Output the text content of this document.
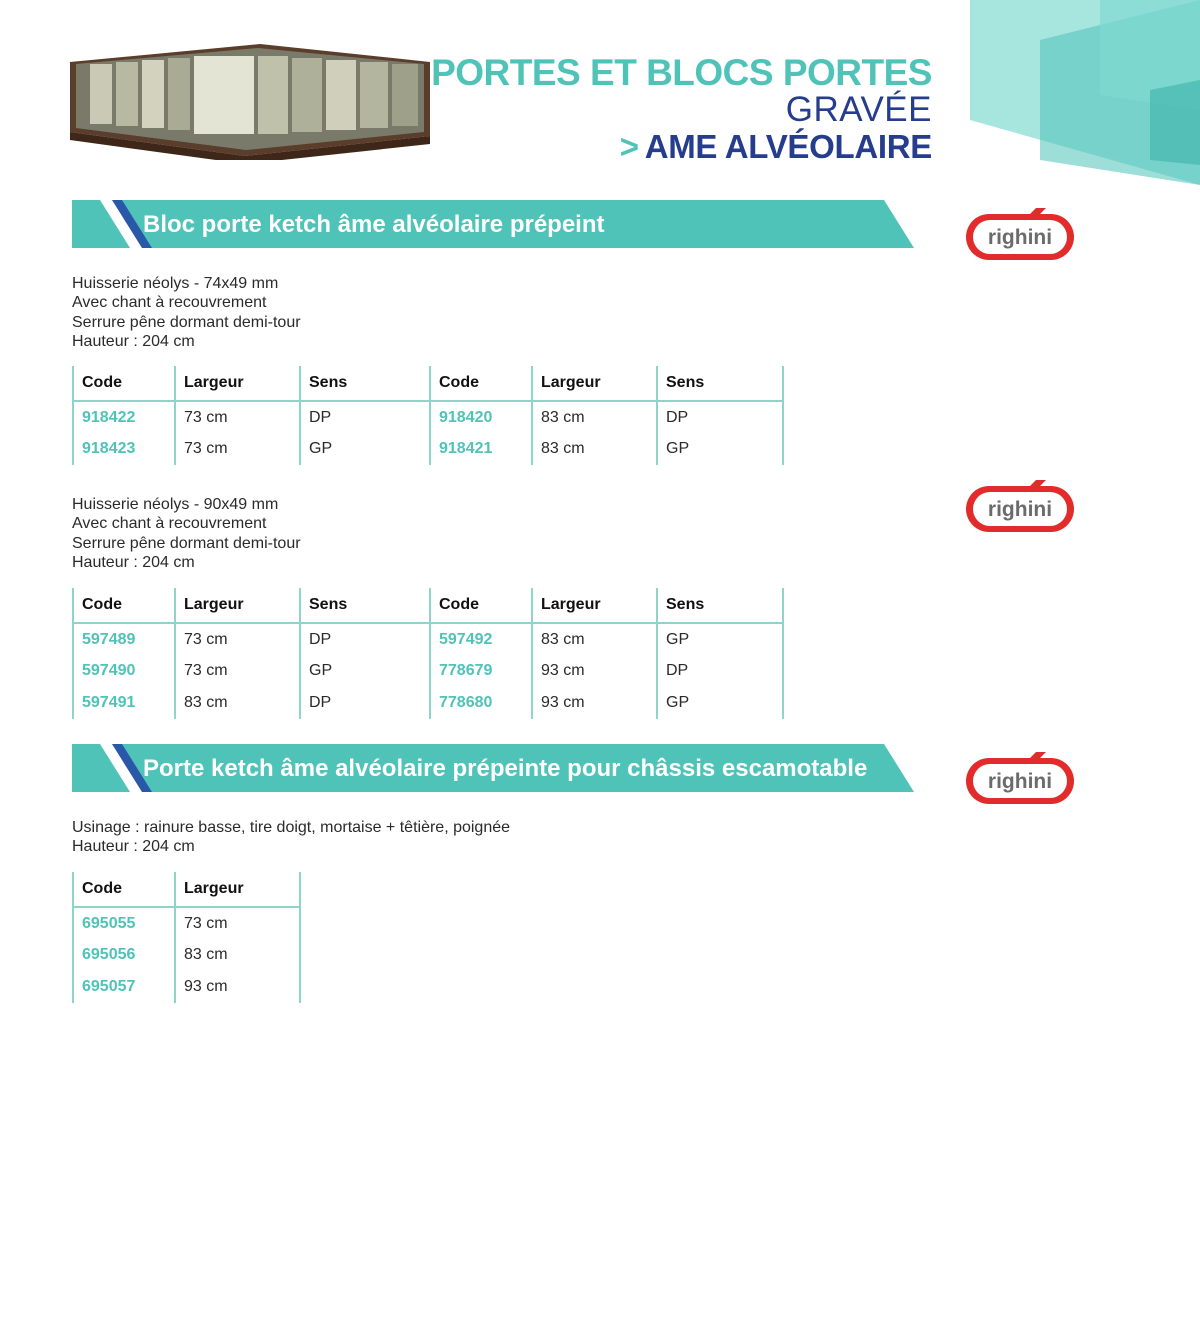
PORTES ET BLOCS PORTES
GRAVÉE
> AME ALVÉOLAIRE
Bloc porte ketch âme alvéolaire prépeint	righini
Huisserie néolys - 74x49 mm
Avec chant à recouvrement
Serrure pêne dormant demi-tour
Hauteur : 204 cm
Code	Largeur	Sens	Code	Largeur	Sens
918422	73 cm	DP	918420	83 cm	DP
918423	73 cm	GP	918421	83 cm	GP
righini
Huisserie néolys - 90x49 mm
Avec chant à recouvrement
Serrure pêne dormant demi-tour
Hauteur : 204 cm
Code	Largeur	Sens	Code	Largeur	Sens
597489	73 cm	DP	597492	83 cm	GP
597490	73 cm	GP	778679	93 cm	DP
597491	83 cm	DP	778680	93 cm	GP
Porte ketch âme alvéolaire prépeinte pour châssis escamotable	righini
Usinage : rainure basse, tire doigt, mortaise + têtière, poignée
Hauteur : 204 cm
Code	Largeur
695055	73 cm
695056	83 cm
695057	93 cm
